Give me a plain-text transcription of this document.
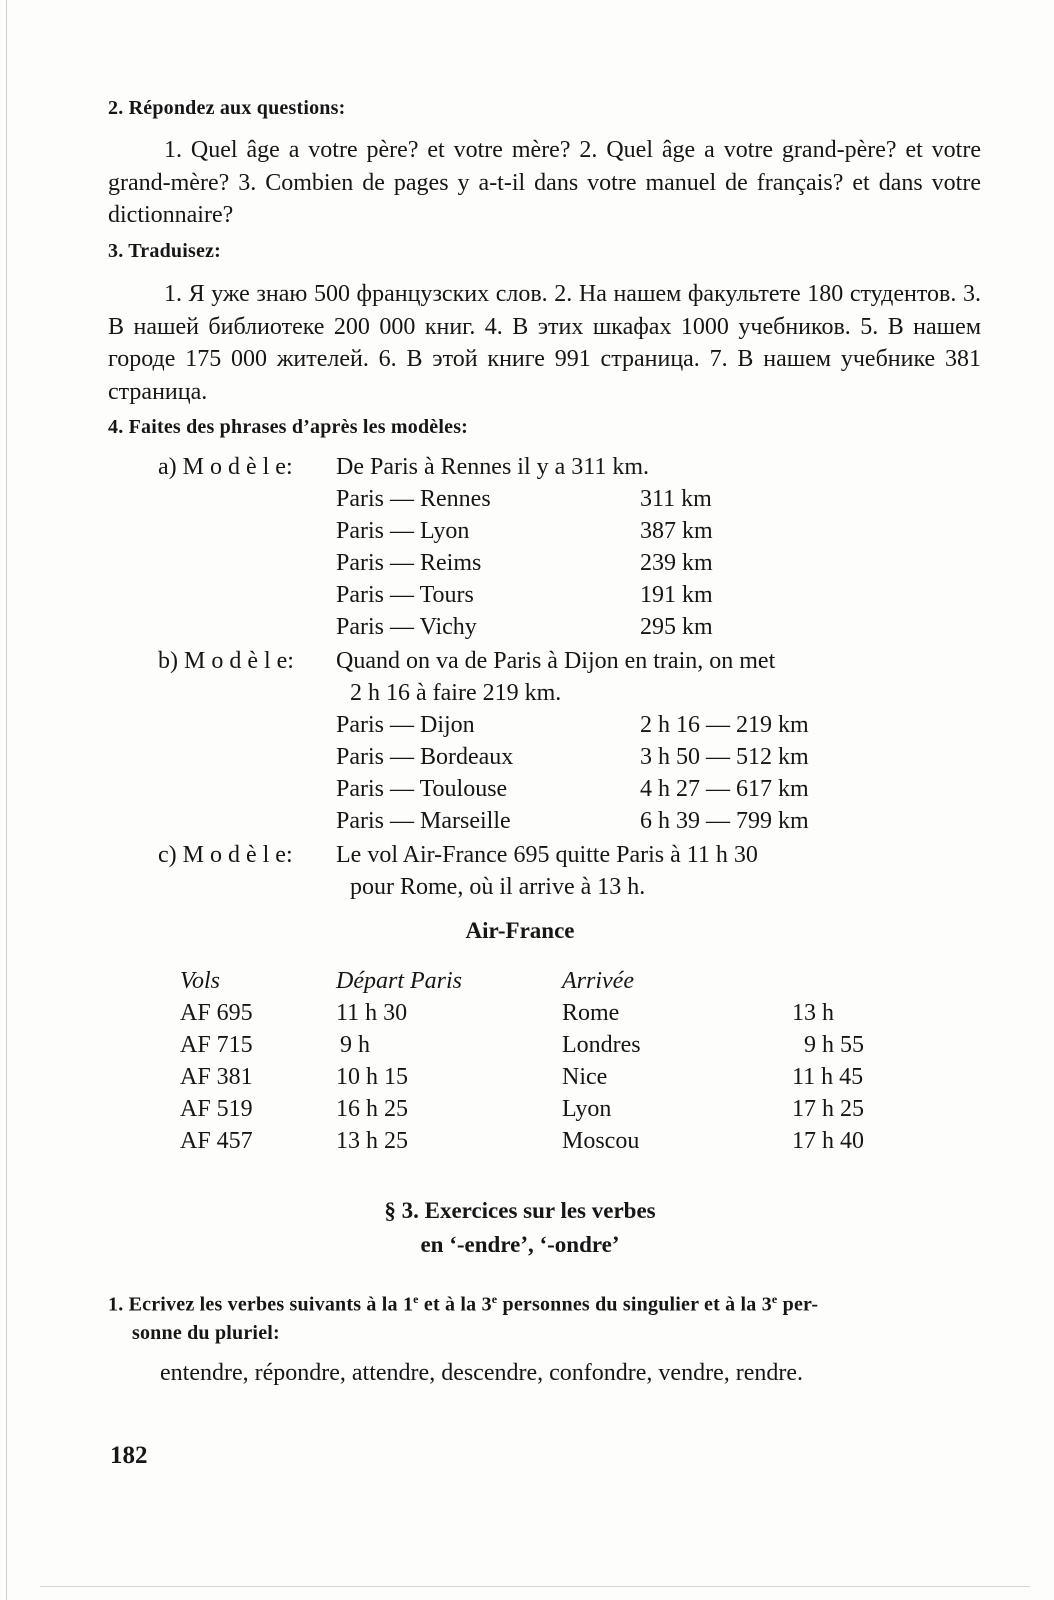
2. Répondez aux questions:

1. Quel âge a votre père? et votre mère? 2. Quel âge a votre grand-père? et votre grand-mère? 3. Combien de pages y a-t-il dans votre manuel de français? et dans votre dictionnaire?

3. Traduisez:

1. Я уже знаю 500 французских слов. 2. На нашем факультете 180 студентов. 3. В нашей библиотеке 200 000 книг. 4. В этих шкафах 1000 учебников. 5. В нашем городе 175 000 жителей. 6. В этой книге 991 страница. 7. В нашем учебнике 381 страница.

4. Faites des phrases d’après les modèles:
a) M o d è l e: De Paris à Rennes il y a 311 km.
Paris — Rennes	311 km
Paris — Lyon	387 km
Paris — Reims	239 km
Paris — Tours	191 km
Paris — Vichy	295 km
b) M o d è l e: Quand on va de Paris à Dijon en train, on met
2 h 16 à faire 219 km.
Paris — Dijon	2 h 16 — 219 km
Paris — Bordeaux	3 h 50 — 512 km
Paris — Toulouse	4 h 27 — 617 km
Paris — Marseille	6 h 39 — 799 km
c) M o d è l e: Le vol Air-France 695 quitte Paris à 11 h 30
pour Rome, où il arrive à 13 h.
Air-France
Vols	Départ Paris	Arrivée
AF 695	11 h 30	Rome	13 h
AF 715	9 h	Londres	9 h 55
AF 381	10 h 15	Nice	11 h 45
AF 519	16 h 25	Lyon	17 h 25
AF 457	13 h 25	Moscou	17 h 40
§ 3. Exercices sur les verbes
en ‘-endre’, ‘-ondre’
1. Ecrivez les verbes suivants à la 1e et à la 3e personnes du singulier et à la 3e per-
sonne du pluriel:
entendre, répondre, attendre, descendre, confondre, vendre, rendre.
182
